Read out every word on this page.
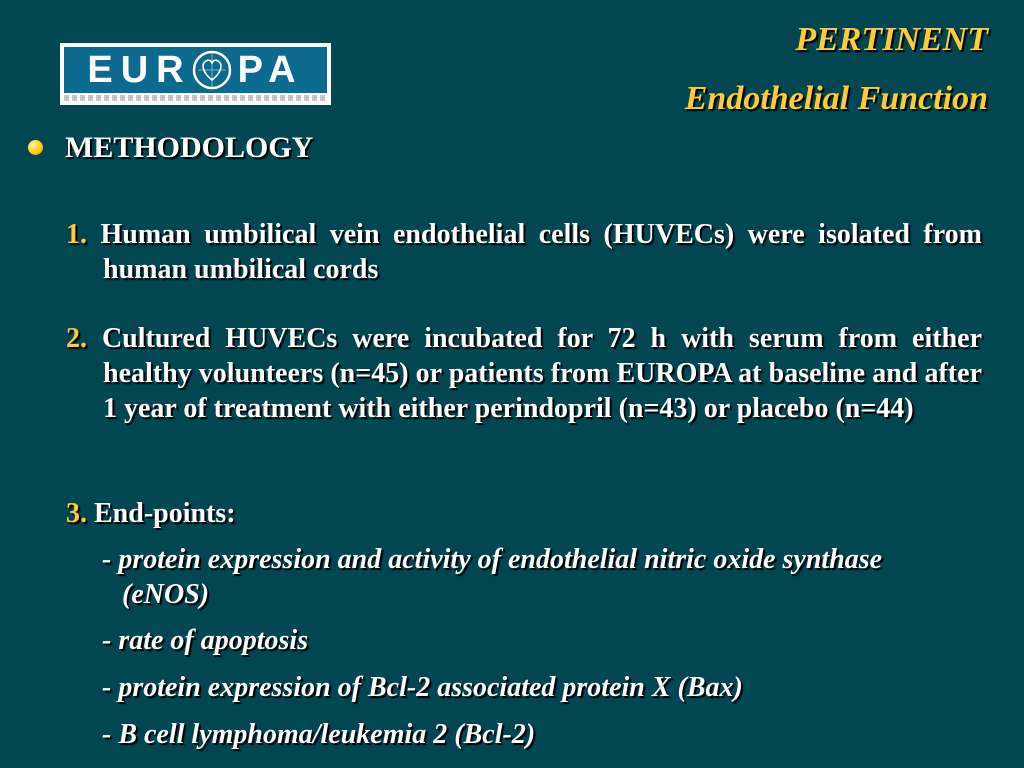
EUR PA
PERTINENT
Endothelial Function
METHODOLOGY
1. Human umbilical vein endothelial cells (HUVECs) were isolated from human umbilical cords
2. Cultured HUVECs were incubated for 72 h with serum from either healthy volunteers (n=45) or patients from EUROPA at baseline and after 1 year of treatment with either perindopril (n=43) or placebo (n=44)
3. End-points:
- protein expression and activity of endothelial nitric oxide synthase (eNOS)
- rate of apoptosis
- protein expression of Bcl-2 associated protein X (Bax)
- B cell lymphoma/leukemia 2 (Bcl-2)
